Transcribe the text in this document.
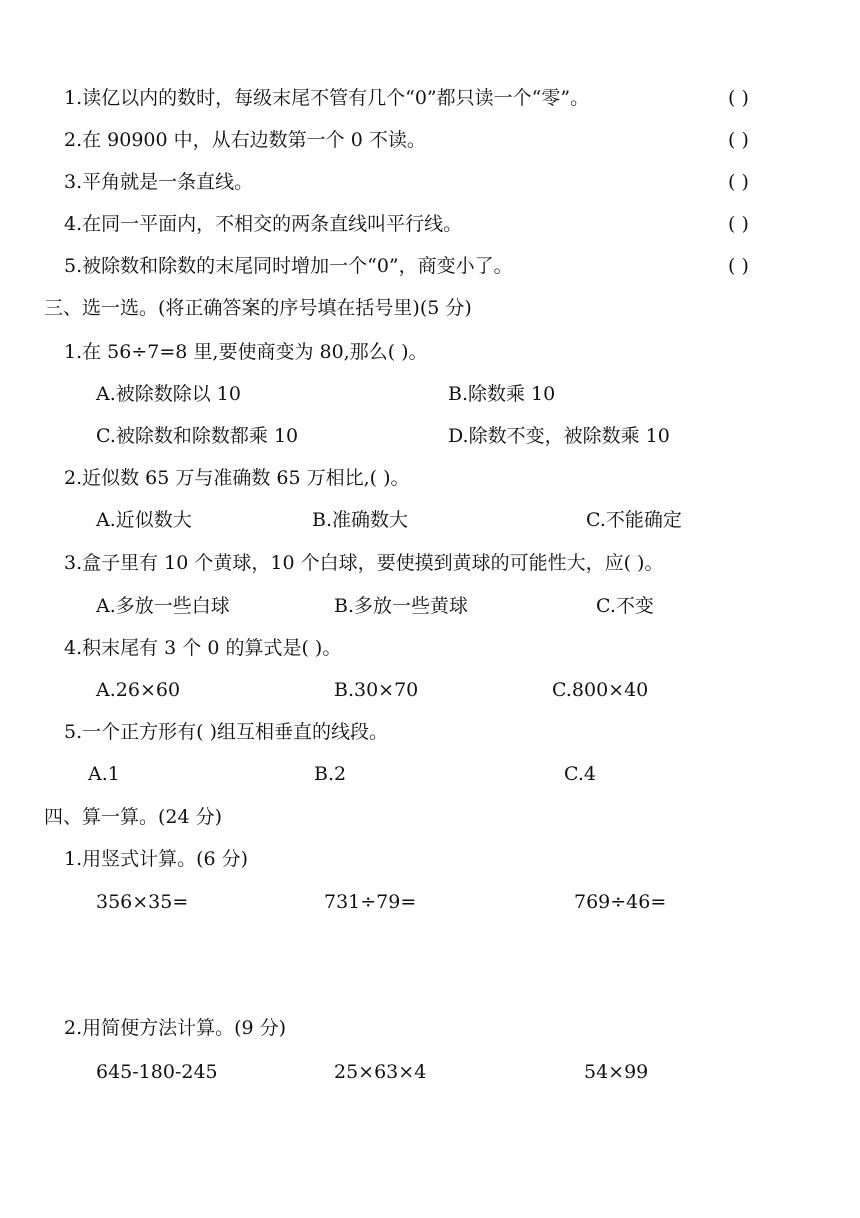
1.读亿以内的数时，每级末尾不管有几个“0”都只读一个“零”。	( )
2.在 90900 中，从右边数第一个 0 不读。	( )
3.平角就是一条直线。	( )
4.在同一平面内，不相交的两条直线叫平行线。	( )
5.被除数和除数的末尾同时增加一个“0”，商变小了。	( )
三、选一选。(将正确答案的序号填在括号里)(5 分)
1.在 56÷7=8 里,要使商变为 80,那么( )。
A.被除数除以 10	B.除数乘 10
C.被除数和除数都乘 10	D.除数不变，被除数乘 10
2.近似数 65 万与准确数 65 万相比,( )。
A.近似数大	B.准确数大	C.不能确定
3.盒子里有 10 个黄球，10 个白球，要使摸到黄球的可能性大，应( )。
A.多放一些白球	B.多放一些黄球	C.不变
4.积末尾有 3 个 0 的算式是( )。
A.26×60	B.30×70	C.800×40
5.一个正方形有( )组互相垂直的线段。
A.1	B.2	C.4
四、算一算。(24 分)
1.用竖式计算。(6 分)
356×35=	731÷79=	769÷46=
2.用简便方法计算。(9 分)
645-180-245	25×63×4	54×99
